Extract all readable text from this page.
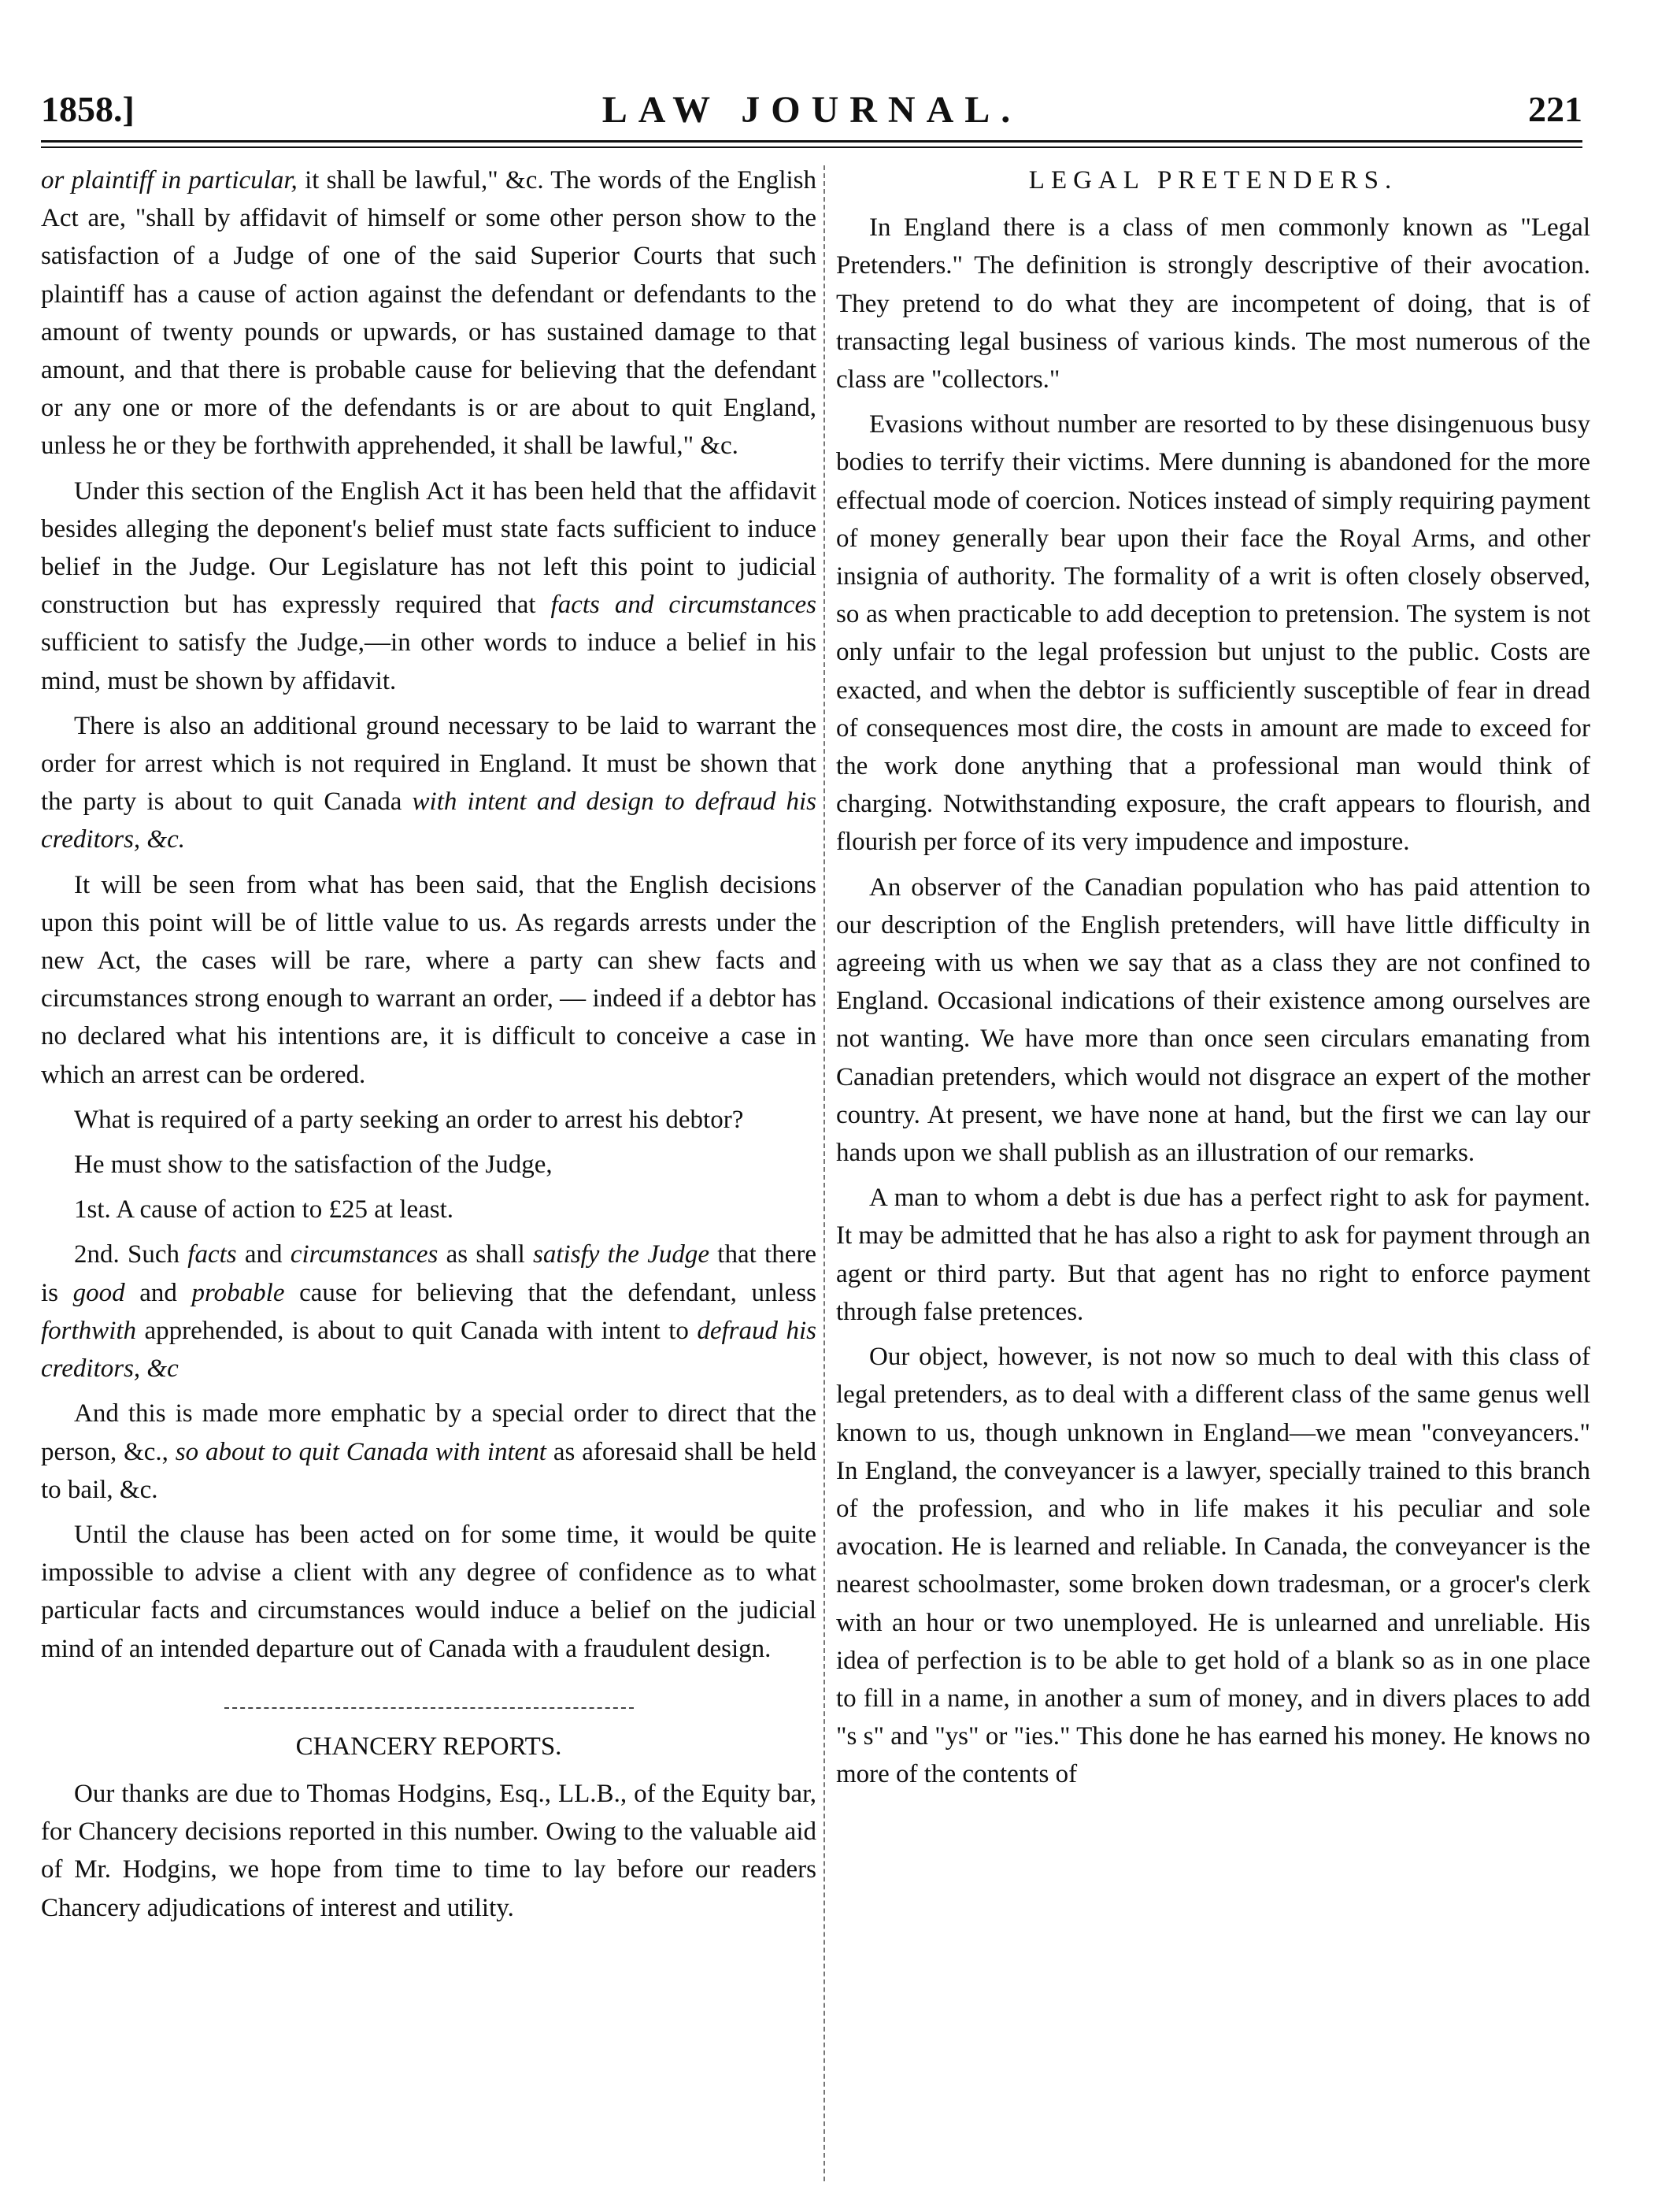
1858.]	LAW JOURNAL.	221

or plaintiff in particular, it shall be lawful," &c. The words of the English Act are, "shall by affidavit of himself or some other person show to the satisfaction of a Judge of one of the said Superior Courts that such plaintiff has a cause of action against the defendant or defendants to the amount of twenty pounds or upwards, or has sustained damage to that amount, and that there is probable cause for believing that the defendant or any one or more of the defendants is or are about to quit England, unless he or they be forthwith apprehended, it shall be lawful," &c.

Under this section of the English Act it has been held that the affidavit besides alleging the deponent's belief must state facts sufficient to induce belief in the Judge. Our Legislature has not left this point to judicial construction but has expressly required that facts and circumstances sufficient to satisfy the Judge,—in other words to induce a belief in his mind, must be shown by affidavit.

There is also an additional ground necessary to be laid to warrant the order for arrest which is not required in England. It must be shown that the party is about to quit Canada with intent and design to defraud his creditors, &c.

It will be seen from what has been said, that the English decisions upon this point will be of little value to us. As regards arrests under the new Act, the cases will be rare, where a party can shew facts and circumstances strong enough to warrant an order, — indeed if a debtor has no declared what his intentions are, it is difficult to conceive a case in which an arrest can be ordered.

What is required of a party seeking an order to arrest his debtor?

He must show to the satisfaction of the Judge,

1st. A cause of action to £25 at least.

2nd. Such facts and circumstances as shall satisfy the Judge that there is good and probable cause for believing that the defendant, unless forthwith apprehended, is about to quit Canada with intent to defraud his creditors, &c

And this is made more emphatic by a special order to direct that the person, &c., so about to quit Canada with intent as aforesaid shall be held to bail, &c.

Until the clause has been acted on for some time, it would be quite impossible to advise a client with any degree of confidence as to what particular facts and circumstances would induce a belief on the judicial mind of an intended departure out of Canada with a fraudulent design.

CHANCERY REPORTS.

Our thanks are due to Thomas Hodgins, Esq., LL.B., of the Equity bar, for Chancery decisions reported in this number. Owing to the valuable aid of Mr. Hodgins, we hope from time to time to lay before our readers Chancery adjudications of interest and utility.

LEGAL PRETENDERS.

In England there is a class of men commonly known as "Legal Pretenders." The definition is strongly descriptive of their avocation. They pretend to do what they are incompetent of doing, that is of transacting legal business of various kinds. The most numerous of the class are "collectors."

Evasions without number are resorted to by these disingenuous busy bodies to terrify their victims. Mere dunning is abandoned for the more effectual mode of coercion. Notices instead of simply requiring payment of money generally bear upon their face the Royal Arms, and other insignia of authority. The formality of a writ is often closely observed, so as when practicable to add deception to pretension. The system is not only unfair to the legal profession but unjust to the public. Costs are exacted, and when the debtor is sufficiently susceptible of fear in dread of consequences most dire, the costs in amount are made to exceed for the work done anything that a professional man would think of charging. Notwithstanding exposure, the craft appears to flourish, and flourish per force of its very impudence and imposture.

An observer of the Canadian population who has paid attention to our description of the English pretenders, will have little difficulty in agreeing with us when we say that as a class they are not confined to England. Occasional indications of their existence among ourselves are not wanting. We have more than once seen circulars emanating from Canadian pretenders, which would not disgrace an expert of the mother country. At present, we have none at hand, but the first we can lay our hands upon we shall publish as an illustration of our remarks.

A man to whom a debt is due has a perfect right to ask for payment. It may be admitted that he has also a right to ask for payment through an agent or third party. But that agent has no right to enforce payment through false pretences.

Our object, however, is not now so much to deal with this class of legal pretenders, as to deal with a different class of the same genus well known to us, though unknown in England—we mean "conveyancers." In England, the conveyancer is a lawyer, specially trained to this branch of the profession, and who in life makes it his peculiar and sole avocation. He is learned and reliable. In Canada, the conveyancer is the nearest schoolmaster, some broken down tradesman, or a grocer's clerk with an hour or two unemployed. He is unlearned and unreliable. His idea of perfection is to be able to get hold of a blank so as in one place to fill in a name, in another a sum of money, and in divers places to add "s s" and "ys" or "ies." This done he has earned his money. He knows no more of the contents of
